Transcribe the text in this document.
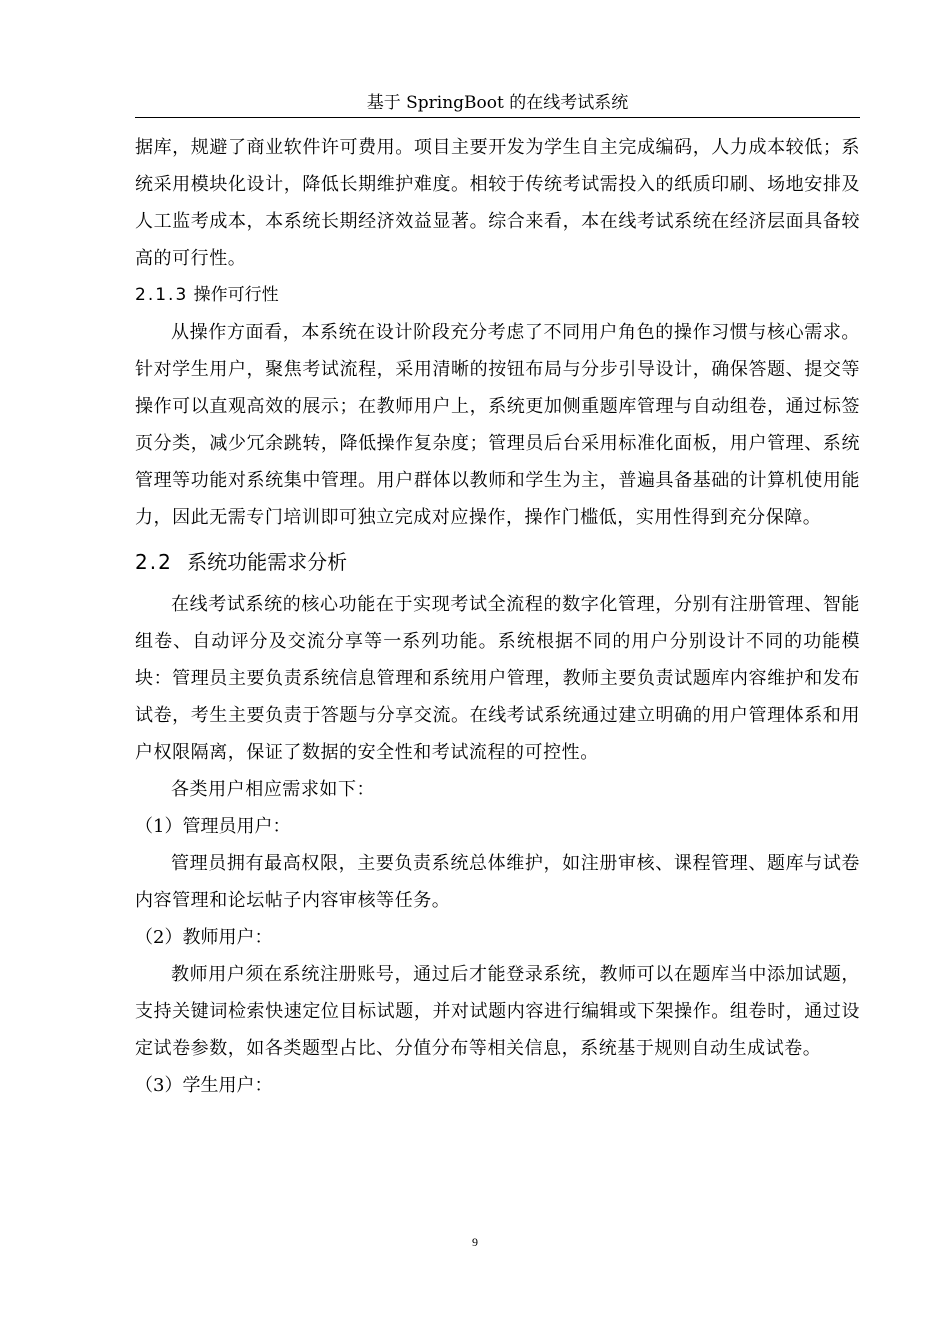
基于 SpringBoot 的在线考试系统

据库，规避了商业软件许可费用。项目主要开发为学生自主完成编码，人力成本较低；系统采用模块化设计，降低长期维护难度。相较于传统考试需投入的纸质印刷、场地安排及人工监考成本，本系统长期经济效益显著。综合来看，本在线考试系统在经济层面具备较高的可行性。

2.1.3 操作可行性

从操作方面看，本系统在设计阶段充分考虑了不同用户角色的操作习惯与核心需求。针对学生用户，聚焦考试流程，采用清晰的按钮布局与分步引导设计，确保答题、提交等操作可以直观高效的展示；在教师用户上，系统更加侧重题库管理与自动组卷，通过标签页分类，减少冗余跳转，降低操作复杂度；管理员后台采用标准化面板，用户管理、系统管理等功能对系统集中管理。用户群体以教师和学生为主，普遍具备基础的计算机使用能力，因此无需专门培训即可独立完成对应操作，操作门槛低，实用性得到充分保障。

2.2 系统功能需求分析

在线考试系统的核心功能在于实现考试全流程的数字化管理，分别有注册管理、智能组卷、自动评分及交流分享等一系列功能。系统根据不同的用户分别设计不同的功能模块：管理员主要负责系统信息管理和系统用户管理，教师主要负责试题库内容维护和发布试卷，考生主要负责于答题与分享交流。在线考试系统通过建立明确的用户管理体系和用户权限隔离，保证了数据的安全性和考试流程的可控性。

各类用户相应需求如下：

（1）管理员用户：

管理员拥有最高权限，主要负责系统总体维护，如注册审核、课程管理、题库与试卷内容管理和论坛帖子内容审核等任务。

（2）教师用户：

教师用户须在系统注册账号，通过后才能登录系统，教师可以在题库当中添加试题，支持关键词检索快速定位目标试题，并对试题内容进行编辑或下架操作。组卷时，通过设定试卷参数，如各类题型占比、分值分布等相关信息，系统基于规则自动生成试卷。

（3）学生用户：

9
